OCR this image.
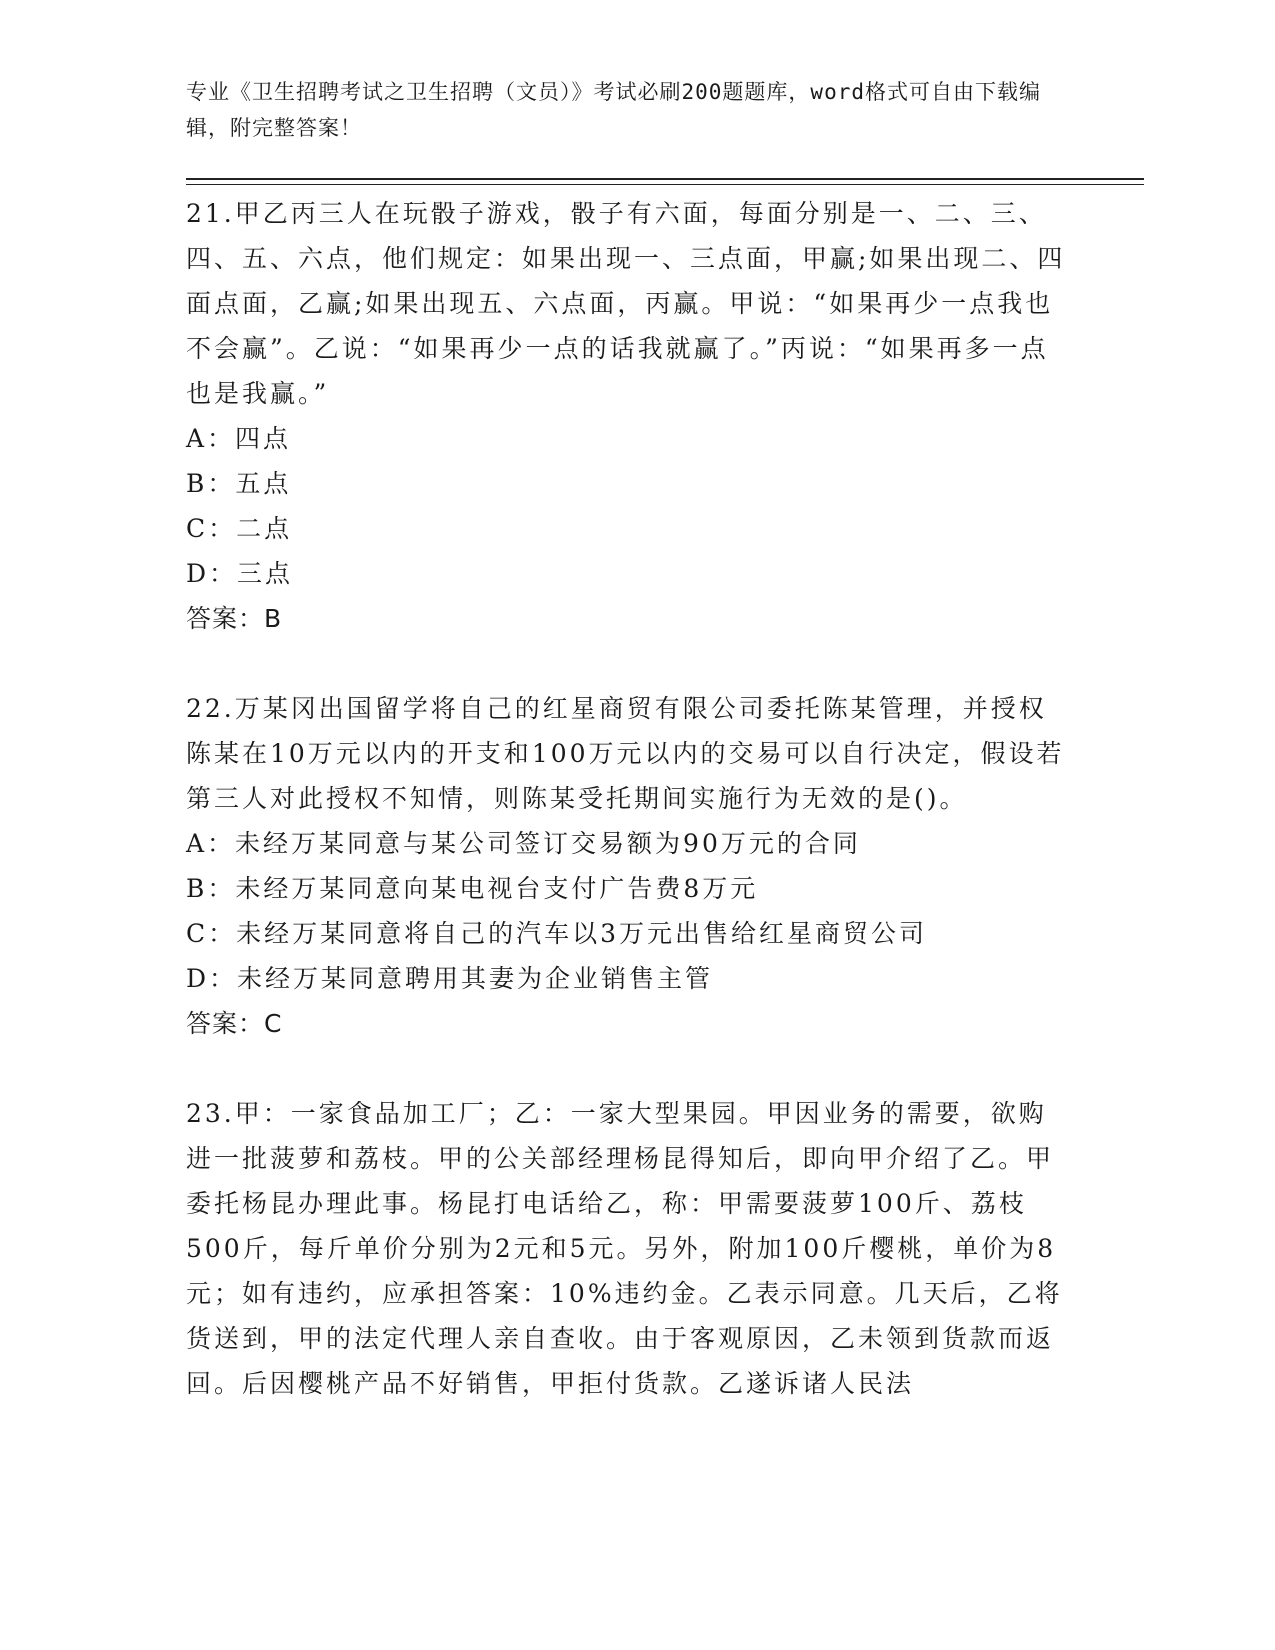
专业《卫生招聘考试之卫生招聘（文员）》考试必刷200题题库，word格式可自由下载编辑，附完整答案！

21.甲乙丙三人在玩骰子游戏，骰子有六面，每面分别是一、二、三、四、五、六点，他们规定：如果出现一、三点面，甲赢;如果出现二、四面点面，乙赢;如果出现五、六点面，丙赢。甲说：“如果再少一点我也不会赢”。乙说：“如果再少一点的话我就赢了。”丙说：“如果再多一点也是我赢。”

A：四点

B：五点

C：二点

D：三点

答案：B

22.万某冈出国留学将自己的红星商贸有限公司委托陈某管理，并授权陈某在10万元以内的开支和100万元以内的交易可以自行决定，假设若第三人对此授权不知情，则陈某受托期间实施行为无效的是()。

A：未经万某同意与某公司签订交易额为90万元的合同

B：未经万某同意向某电视台支付广告费8万元

C：未经万某同意将自己的汽车以3万元出售给红星商贸公司

D：未经万某同意聘用其妻为企业销售主管

答案：C

23.甲：一家食品加工厂；乙：一家大型果园。甲因业务的需要，欲购进一批菠萝和荔枝。甲的公关部经理杨昆得知后，即向甲介绍了乙。甲委托杨昆办理此事。杨昆打电话给乙，称：甲需要菠萝100斤、荔枝500斤，每斤单价分别为2元和5元。另外，附加100斤樱桃，单价为8元；如有违约，应承担答案：10%违约金。乙表示同意。几天后，乙将货送到，甲的法定代理人亲自查收。由于客观原因，乙未领到货款而返回。后因樱桃产品不好销售，甲拒付货款。乙遂诉诸人民法
